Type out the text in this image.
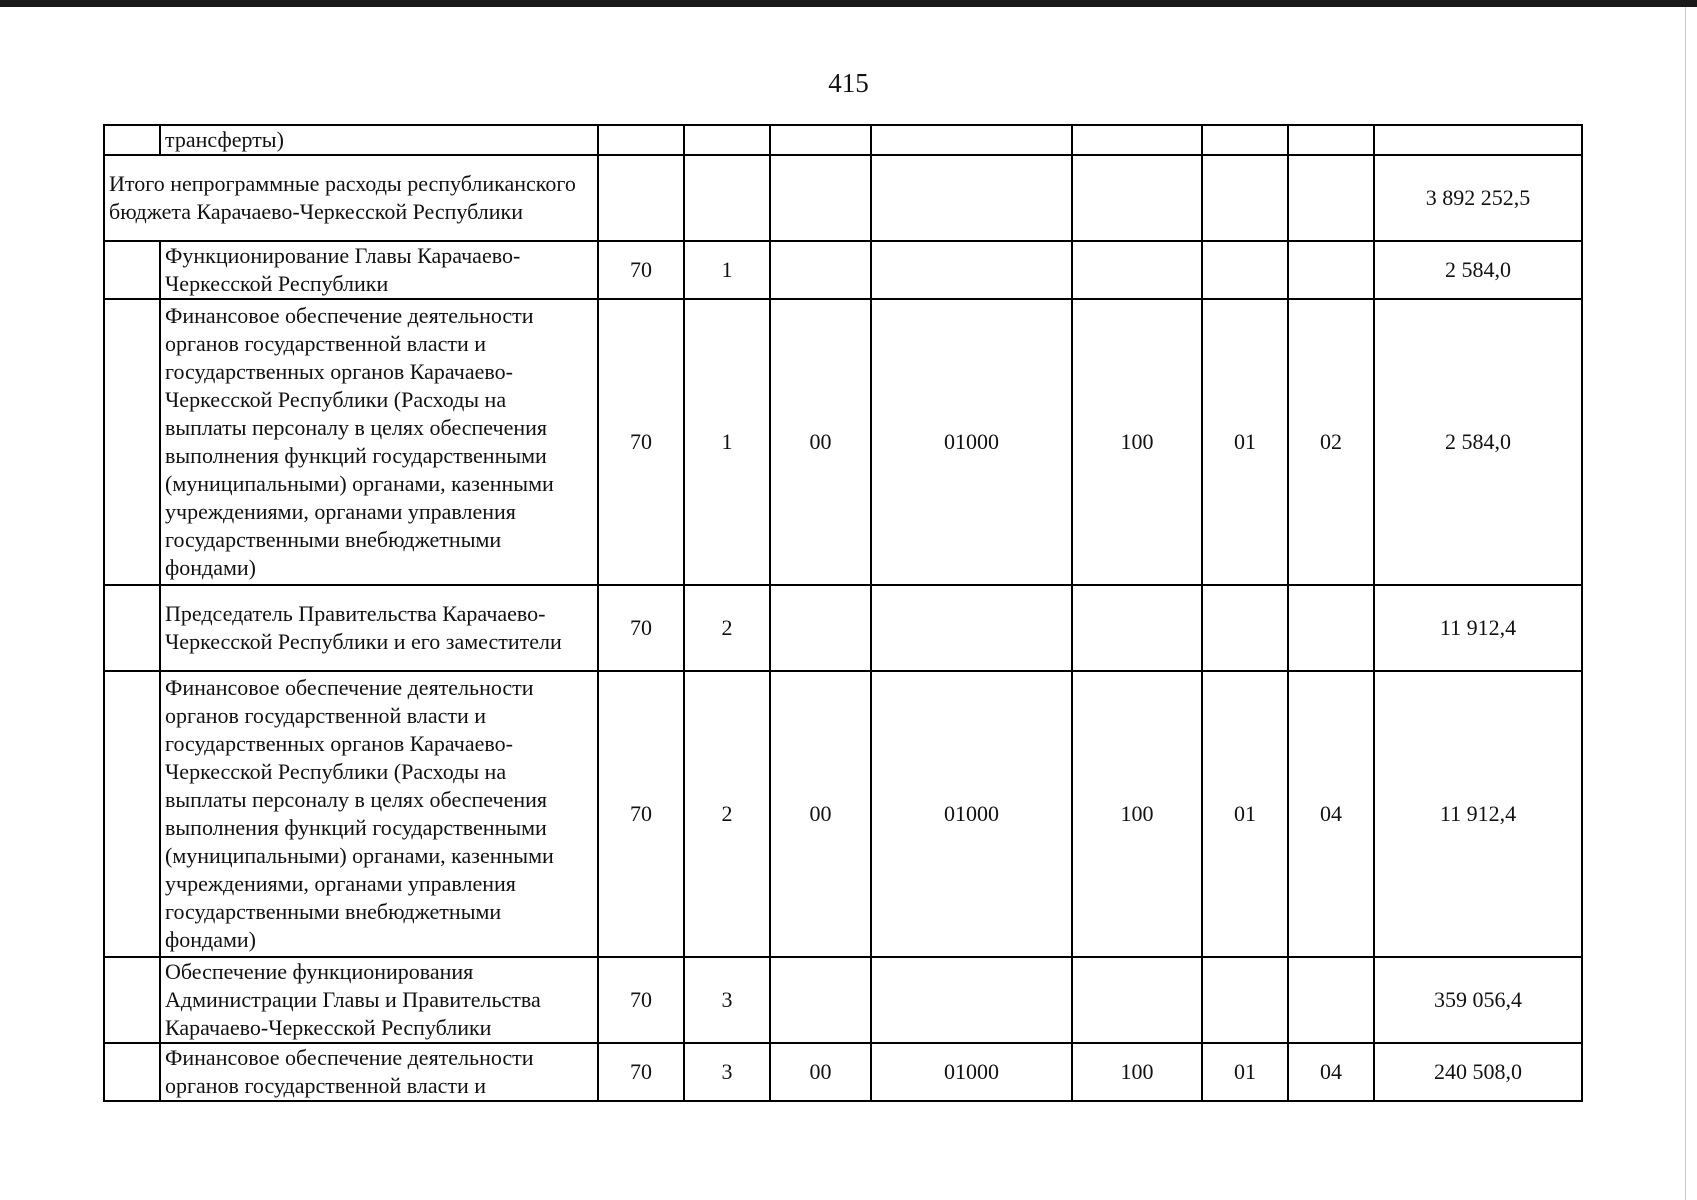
415
	трансферты)								
Итого непрограммные расходы республиканского бюджета Карачаево-Черкесской Республики									3 892 252,5
	Функционирование Главы Карачаево-Черкесской Республики	70	1						2 584,0
	Финансовое обеспечение деятельности органов государственной власти и государственных органов Карачаево-Черкесской Республики (Расходы на выплаты персоналу в целях обеспечения выполнения функций государственными (муниципальными) органами, казенными учреждениями, органами управления государственными внебюджетными фондами)	70	1	00	01000	100	01	02	2 584,0
	Председатель Правительства Карачаево-Черкесской Республики и его заместители	70	2						11 912,4
	Финансовое обеспечение деятельности органов государственной власти и государственных органов Карачаево-Черкесской Республики (Расходы на выплаты персоналу в целях обеспечения выполнения функций государственными (муниципальными) органами, казенными учреждениями, органами управления государственными внебюджетными фондами)	70	2	00	01000	100	01	04	11 912,4
	Обеспечение функционирования Администрации Главы и Правительства Карачаево-Черкесской Республики	70	3						359 056,4
	Финансовое обеспечение деятельности органов государственной власти и	70	3	00	01000	100	01	04	240 508,0
